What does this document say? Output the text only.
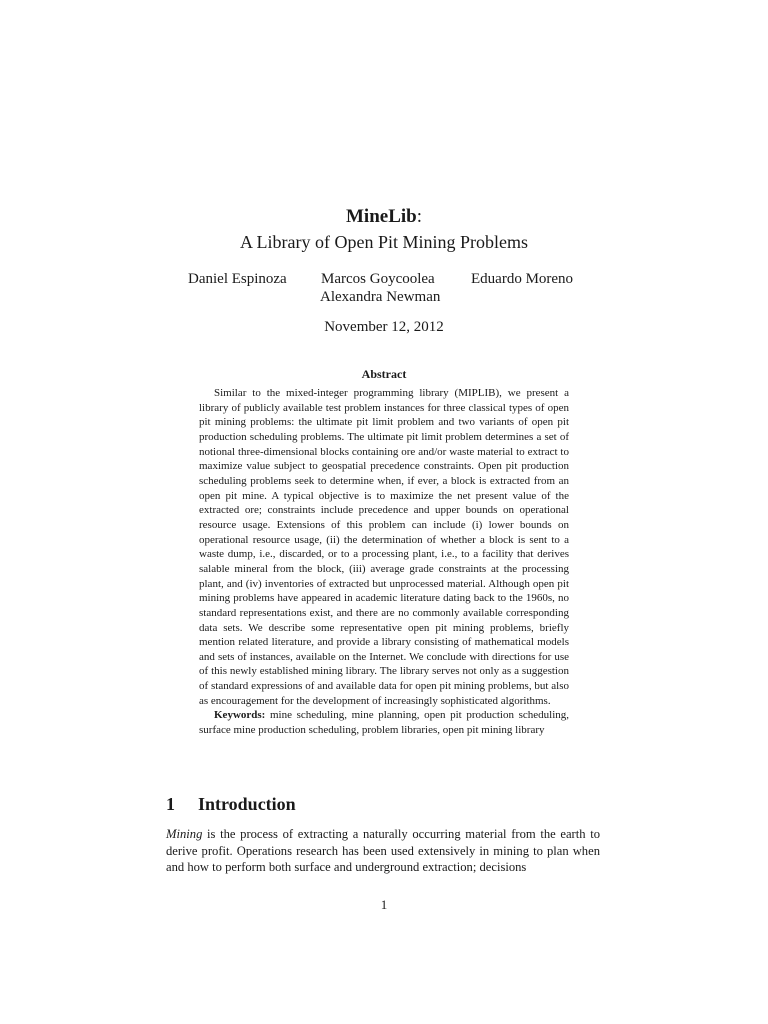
MineLib:
A Library of Open Pit Mining Problems
Daniel Espinoza Marcos Goycoolea Eduardo Moreno
Alexandra Newman
November 12, 2012
Abstract

Similar to the mixed-integer programming library (MIPLIB), we present a library of publicly available test problem instances for three classical types of open pit mining problems: the ultimate pit limit problem and two variants of open pit production scheduling problems. The ultimate pit limit problem determines a set of notional three-dimensional blocks containing ore and/or waste material to extract to maximize value subject to geospatial precedence constraints. Open pit production scheduling problems seek to determine when, if ever, a block is extracted from an open pit mine. A typical objective is to maximize the net present value of the extracted ore; constraints include precedence and upper bounds on operational resource usage. Extensions of this problem can include (i) lower bounds on operational resource usage, (ii) the determination of whether a block is sent to a waste dump, i.e., discarded, or to a processing plant, i.e., to a facility that derives salable mineral from the block, (iii) average grade constraints at the processing plant, and (iv) inventories of extracted but unprocessed material. Although open pit mining problems have appeared in academic literature dating back to the 1960s, no standard representations exist, and there are no commonly available corresponding data sets. We describe some representative open pit mining problems, briefly mention related literature, and provide a library consisting of mathematical models and sets of instances, available on the Internet. We conclude with directions for use of this newly established mining library. The library serves not only as a suggestion of standard expressions of and available data for open pit mining problems, but also as encouragement for the development of increasingly sophisticated algorithms.

Keywords: mine scheduling, mine planning, open pit production scheduling, surface mine production scheduling, problem libraries, open pit mining library

1 Introduction

Mining is the process of extracting a naturally occurring material from the earth to derive profit. Operations research has been used extensively in mining to plan when and how to perform both surface and underground extraction; decisions

1
